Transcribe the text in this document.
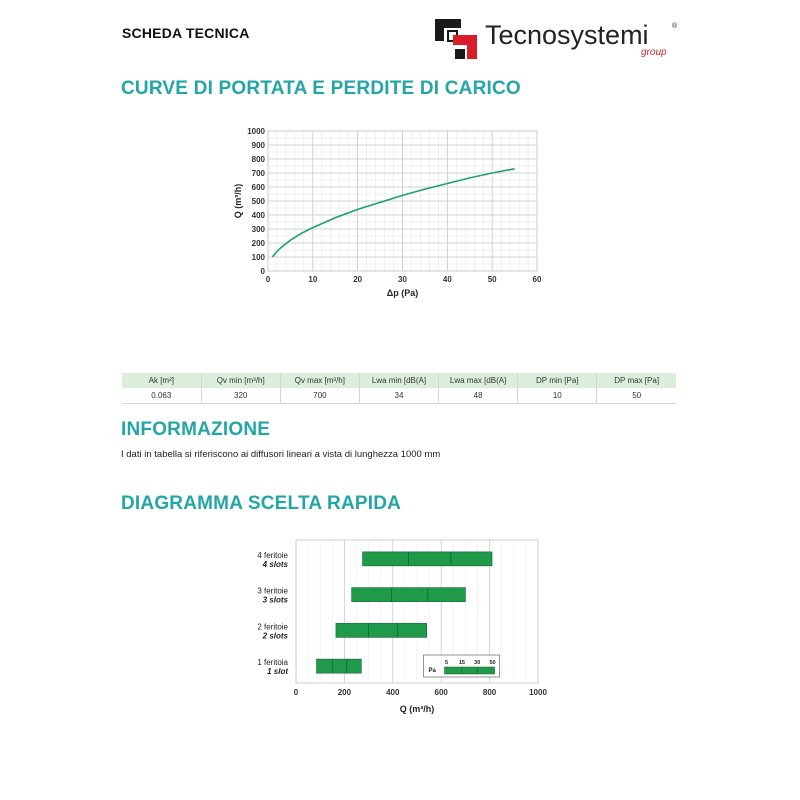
SCHEDA TECNICA	Tecnosystemi	®
group
CURVE DI PORTATA E PERDITE DI CARICO
0	10	20	30	40	50	60
0
100
200
300
400
500
600
700
800
900
1000
Δp (Pa)
Q (m³/h)
Ak [m²]	Qv min [m³/h]	Qv max [m³/h]	Lwa min [dB(A]	Lwa max [dB(A]	DP min [Pa]	DP max [Pa]
0.063	320	700	34	48	10	50
INFORMAZIONE
I dati in tabella si riferiscono ai diffusori lineari a vista di lunghezza 1000 mm
DIAGRAMMA SCELTA RAPIDA
0	200	400	600	800	1000
Q (m³/h)
1 feritoia
1 slot
2 feritoie
2 slots
3 feritoie
3 slots
4 feritoie
4 slots
Pa
5 15 30 50
